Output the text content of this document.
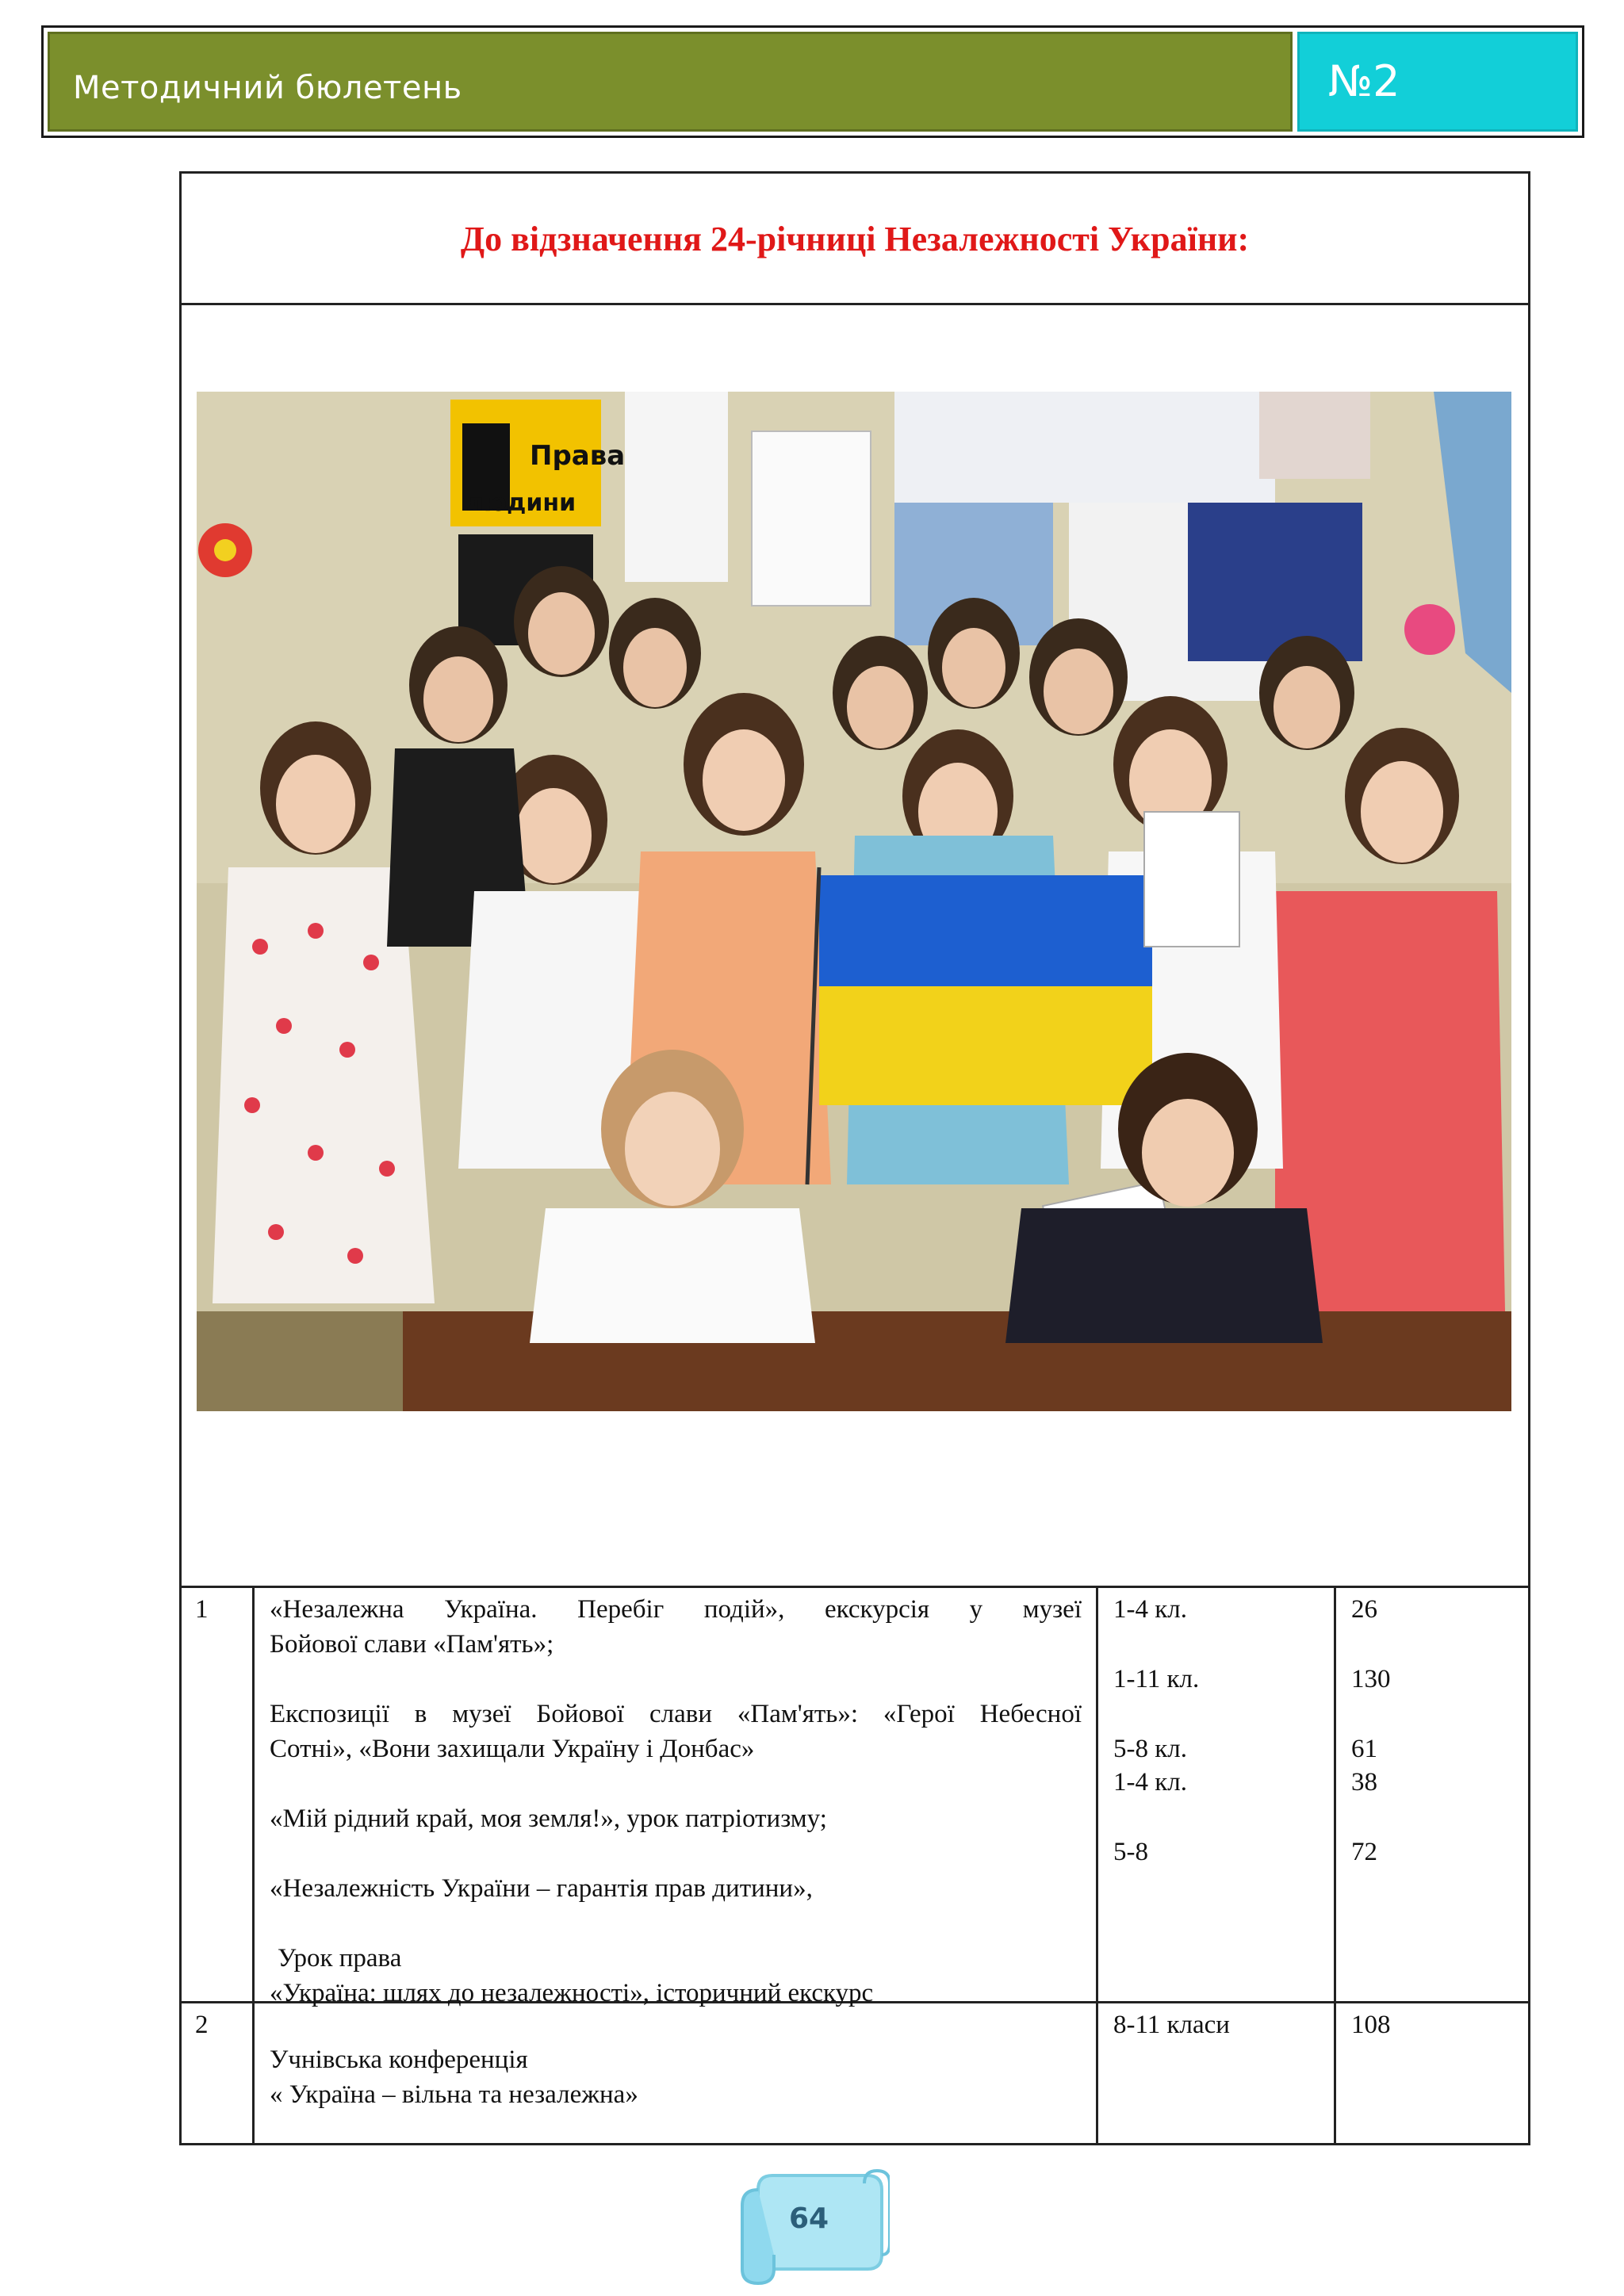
Методичний бюлетень	№2
До відзначення 24-річниці Незалежності України:
Права
людини
1 «Незалежна Україна. Перебіг подій», екскурсія у музеї

Бойової слави «Пам'ять»;

Експозиції в музеї Бойової слави «Пам'ять»: «Герої Небесної

Сотні», «Вони захищали Україну і Донбас»

«Мій рідний край, моя земля!», урок патріотизму;

«Незалежність України – гарантія прав дитини»,

Урок права

«Україна: шлях до незалежності», історичний екскурс

1-4 кл.
1-11 кл.
5-8 кл.
1-4 кл.
5-8
26
130
61
38
72
2

Учнівська конференція

« Україна – вільна та незалежна»

8-11 класи	108
64
